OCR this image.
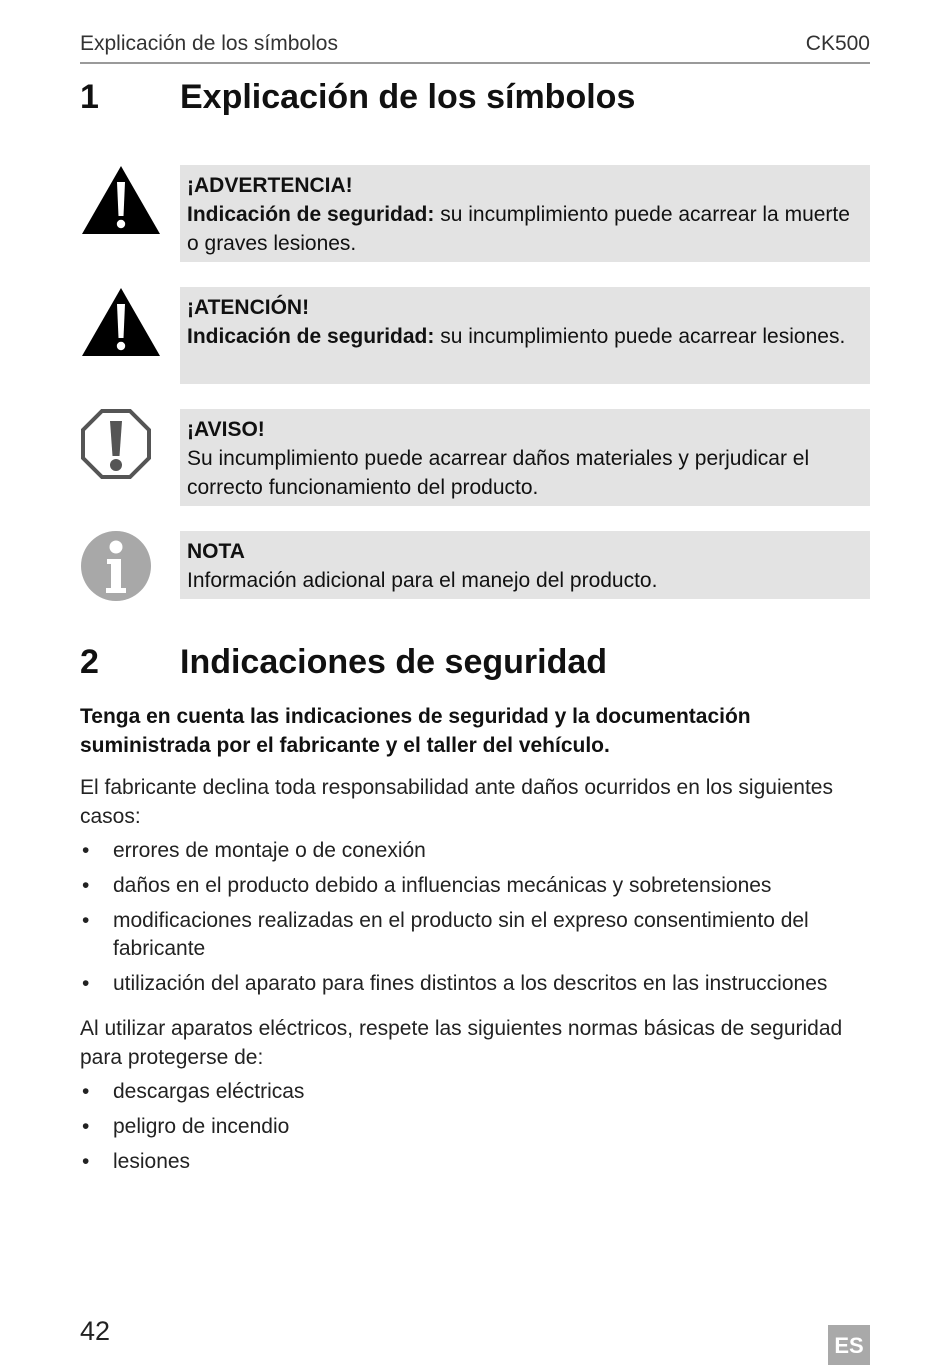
Explicación de los símbolos	CK500
1 Explicación de los símbolos
¡ADVERTENCIA!
Indicación de seguridad: su incumplimiento puede acarrear la muerte o graves lesiones.
¡ATENCIÓN!
Indicación de seguridad: su incumplimiento puede acarrear lesiones.
¡AVISO!
Su incumplimiento puede acarrear daños materiales y perjudicar el correcto funcionamiento del producto.
NOTA
Información adicional para el manejo del producto.
2 Indicaciones de seguridad
Tenga en cuenta las indicaciones de seguridad y la documentación suministrada por el fabricante y el taller del vehículo.
El fabricante declina toda responsabilidad ante daños ocurridos en los siguientes casos:
• errores de montaje o de conexión
• daños en el producto debido a influencias mecánicas y sobretensiones
• modificaciones realizadas en el producto sin el expreso consentimiento del fabricante
• utilización del aparato para fines distintos a los descritos en las instrucciones
Al utilizar aparatos eléctricos, respete las siguientes normas básicas de seguridad para protegerse de:
• descargas eléctricas
• peligro de incendio
• lesiones
42	ES
